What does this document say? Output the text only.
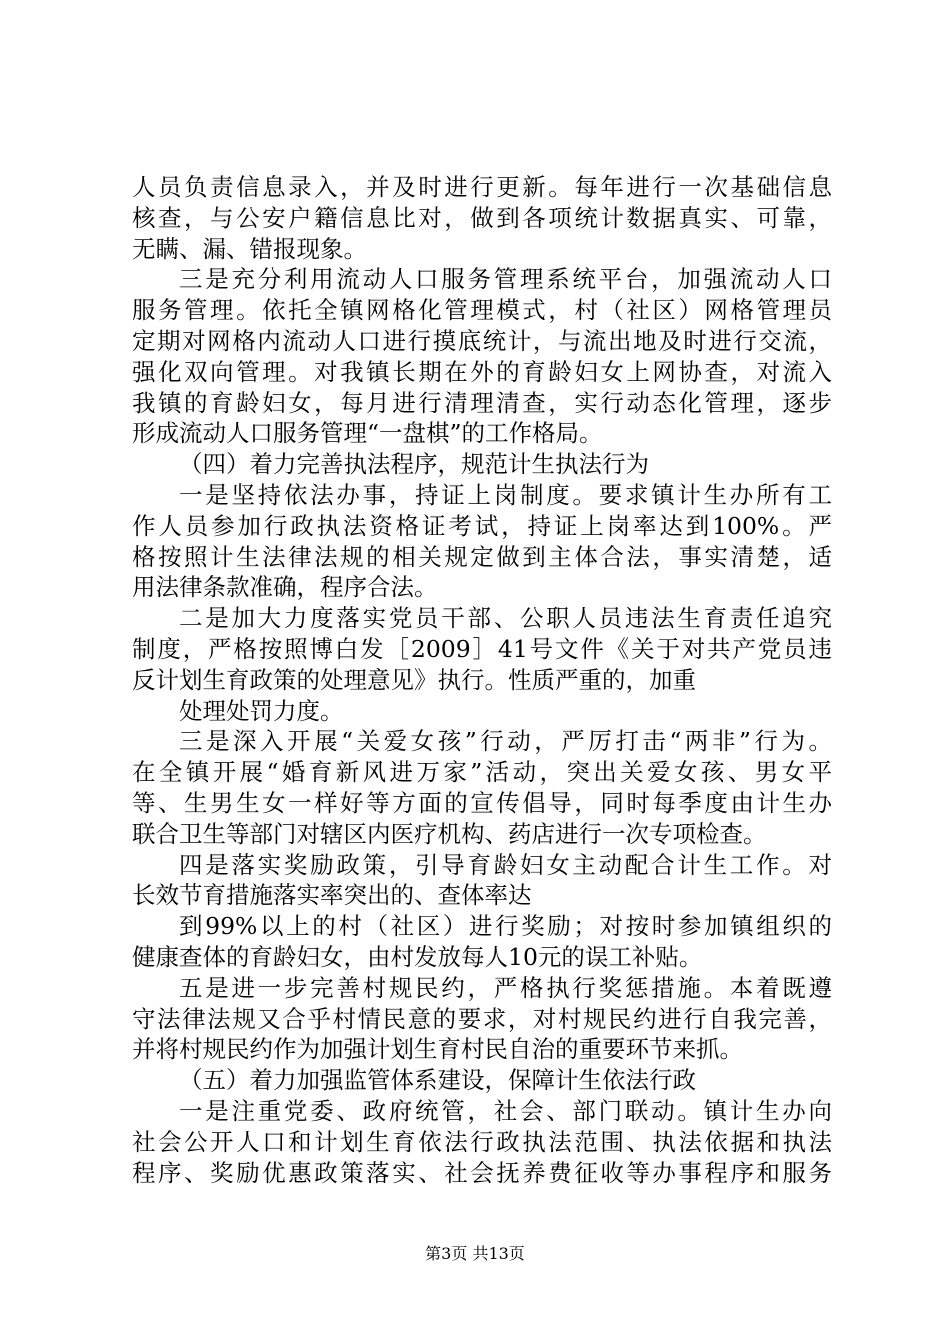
人员负责信息录入，并及时进行更新。每年进行一次基础信息
核查，与公安户籍信息比对，做到各项统计数据真实、可靠，
无瞒、漏、错报现象。
三是充分利用流动人口服务管理系统平台，加强流动人口
服务管理。依托全镇网格化管理模式，村（社区）网格管理员
定期对网格内流动人口进行摸底统计，与流出地及时进行交流，
强化双向管理。对我镇长期在外的育龄妇女上网协查，对流入
我镇的育龄妇女，每月进行清理清查，实行动态化管理，逐步
形成流动人口服务管理“一盘棋”的工作格局。
（四）着力完善执法程序，规范计生执法行为
一是坚持依法办事，持证上岗制度。要求镇计生办所有工
作人员参加行政执法资格证考试，持证上岗率达到100%。严
格按照计生法律法规的相关规定做到主体合法，事实清楚，适
用法律条款准确，程序合法。
二是加大力度落实党员干部、公职人员违法生育责任追究
制度，严格按照博白发［2009］41号文件《关于对共产党员违
反计划生育政策的处理意见》执行。性质严重的，加重
处理处罚力度。
三是深入开展“关爱女孩”行动，严厉打击“两非”行为。
在全镇开展“婚育新风进万家”活动，突出关爱女孩、男女平
等、生男生女一样好等方面的宣传倡导，同时每季度由计生办
联合卫生等部门对辖区内医疗机构、药店进行一次专项检查。
四是落实奖励政策，引导育龄妇女主动配合计生工作。对
长效节育措施落实率突出的、查体率达
到99%以上的村（社区）进行奖励；对按时参加镇组织的
健康查体的育龄妇女，由村发放每人10元的误工补贴。
五是进一步完善村规民约，严格执行奖惩措施。本着既遵
守法律法规又合乎村情民意的要求，对村规民约进行自我完善，
并将村规民约作为加强计划生育村民自治的重要环节来抓。
（五）着力加强监管体系建设，保障计生依法行政
一是注重党委、政府统管，社会、部门联动。镇计生办向
社会公开人口和计划生育依法行政执法范围、执法依据和执法
程序、奖励优惠政策落实、社会抚养费征收等办事程序和服务
第3页 共13页
